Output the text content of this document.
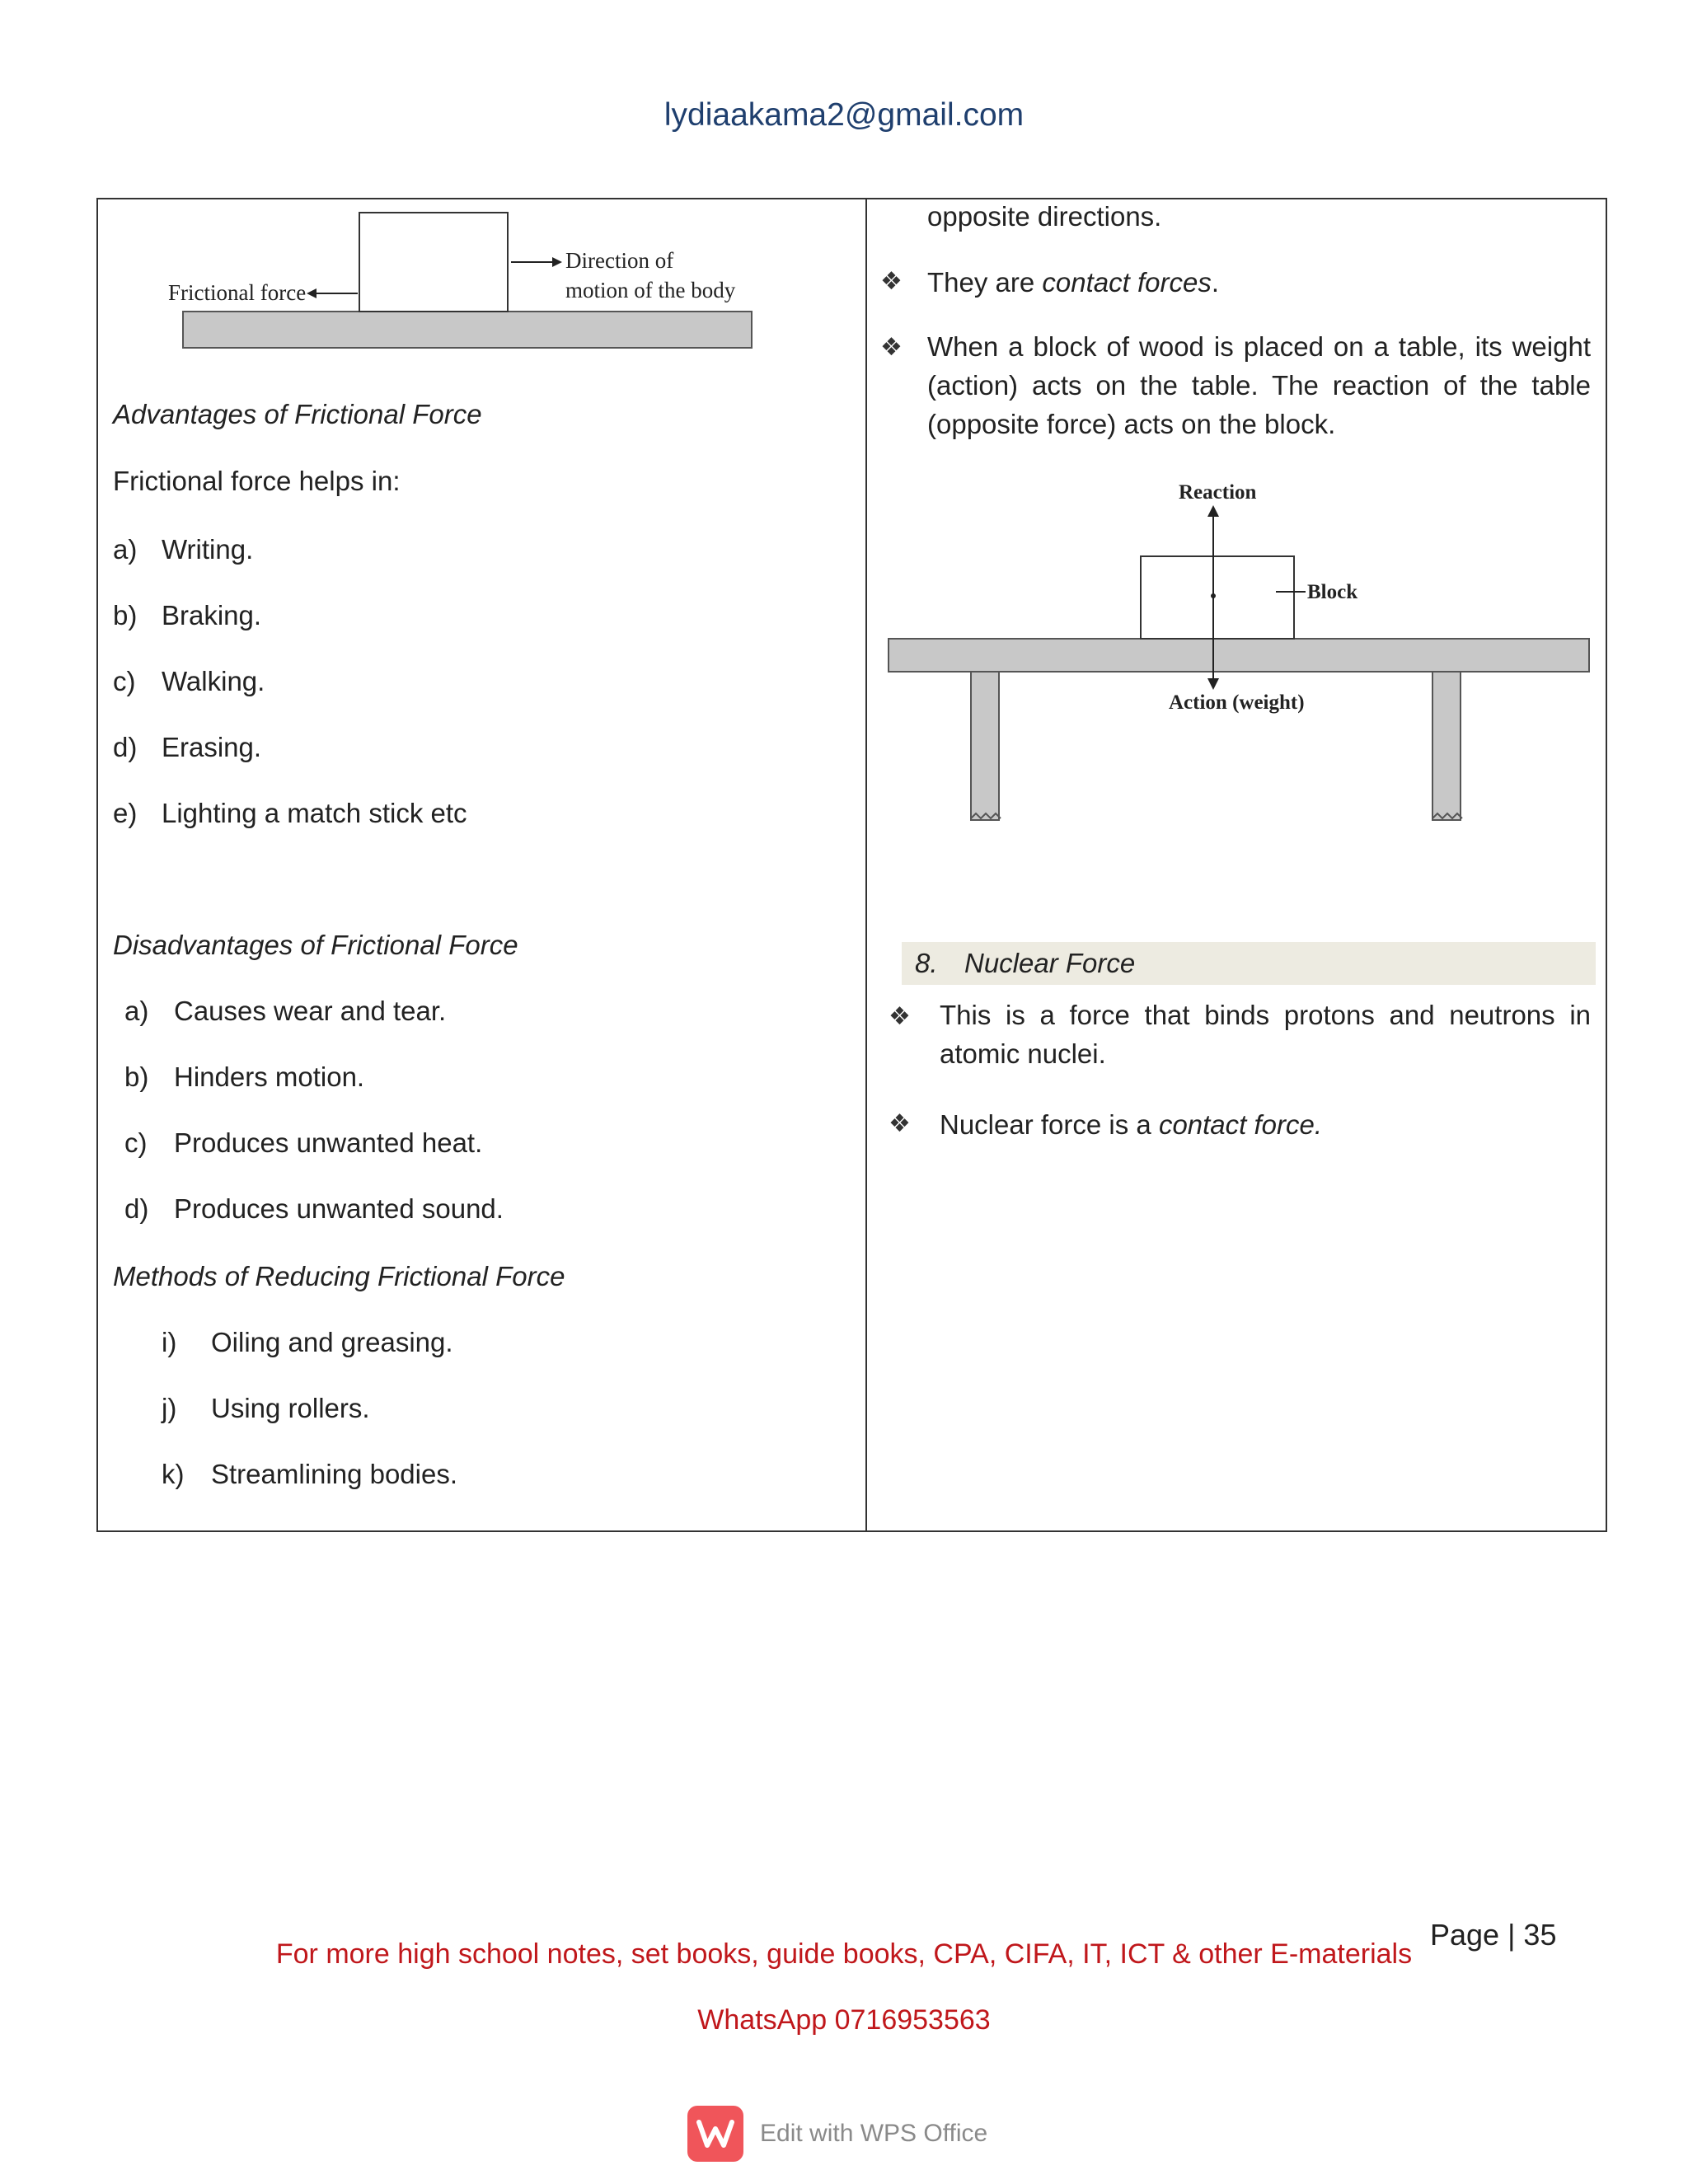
lydiaakama2@gmail.com
Frictional force
Direction of
motion of the body
Advantages of Frictional Force
Frictional force helps in:
a) Writing.
b) Braking.
c) Walking.
d) Erasing.
e) Lighting a match stick etc
Disadvantages of Frictional Force
a) Causes wear and tear.
b) Hinders motion.
c) Produces unwanted heat.
d) Produces unwanted sound.
Methods of Reducing Frictional Force
i) Oiling and greasing.
j) Using rollers.
k) Streamlining bodies.
opposite directions.
❖ They are contact forces.
❖ When a block of wood is placed on a table, its weight (action) acts on the table. The reaction of the table (opposite force) acts on the block.
Reaction
Block
Action (weight)
8. Nuclear Force
❖ This is a force that binds protons and neutrons in atomic nuclei.
❖ Nuclear force is a contact force.
Page | 35
For more high school notes, set books, guide books, CPA, CIFA, IT, ICT & other E-materials
WhatsApp 0716953563
Edit with WPS Office
